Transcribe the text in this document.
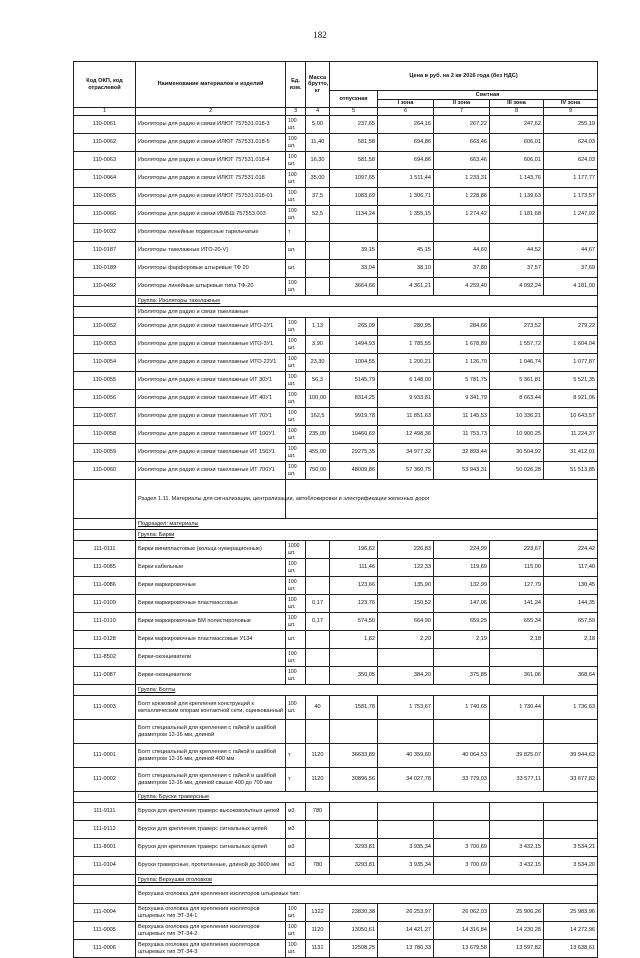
182
Код ОКП, код отраслевой	Наименование материалов и изделий	Ед. изм.	Масса брутто, кг	Цена в руб. на 2 кв 2016 года (без НДС)				
				отпускная	Сметная			
					I зона	II зона	III зона	IV зона
1	2	3	4	5	6	7	8	9
110-0061	Изоляторы для радио и связи ИЛЮТ 757531.018-3	100 шт.	5,00	237,65	264,16	267,22	247,62	255,19
110-0062	Изоляторы для радио и связи ИЛЮТ 757531.018-5	100 шт.	11,40	581,58	694,86	663,46	606,01	624,03
110-0063	Изоляторы для радио и связи ИЛЮТ 757531.018-4	100 шт.	16,30	581,58	694,86	663,46	606,01	624,03
110-0064	Изоляторы для радио и связи ИЛЮТ 757531.018	100 шт.	35,00	1097,65	1 511,44	1 233,31	1 143,76	1 177,77
110-0065	Изоляторы для радио и связи ИЛЮТ 757531.018-01	100 шт.	37,5	1083,69	1 306,71	1 228,86	1 139,63	1 173,57
110-0066	Изоляторы для радио и связи ИМБШ 757553.003	100 шт.	52,5	1134,24	1 355,15	1 274,42	1 181,68	1 247,02
110-9032	Изоляторы линейные подвесные тарельчатые	т						
110-0187	Изоляторы такелажные ИТО-20-V]	шт.		39,15	45,15	44,60	44,52	44,67
110-0189	Изоляторы фарфоровые штыревые ТФ 20	шт.		33,04	38,10	37,80	37,57	37,69
110-0492	Изоляторы линейные штыревые типа ТФ-20	100 шт.		3664,66	4 361,21	4 259,40	4 092,24	4 181,00
	Группа: Изоляторы такелажные							
	Изоляторы для радио и связи такелажные							
110-0052	Изоляторы для радио и связи такелажные ИТО-2У1	100 шт.	1,13	265,09	280,95	284,66	273,52	279,22
110-0053	Изоляторы для радио и связи такелажные ИТО-3У1	100 шт.	3,90	1494,93	1 785,55	1 678,89	1 557,72	1 604,04
110-0054	Изоляторы для радио и связи такелажные ИТО-22У1	100 шт.	23,30	1004,55	1 200,21	1 126,70	1 046,74	1 077,87
110-0055	Изоляторы для радио и связи такелажные ИТ 30У1	100 шт.	56,3	5145,79	6 148,00	5 781,75	5 361,81	5 521,35
110-0056	Изоляторы для радио и связи такелажные ИТ 40У1	100 шт.	100,00	8314,25	9 933,81	9 341,79	8 663,44	8 921,06
110-0057	Изоляторы для радио и связи такелажные ИТ 70У1	100 шт.	162,5	9919,78	11 851,63	11 145,53	10 336,21	10 643,57
110-0058	Изоляторы для радио и связи такелажные ИТ 100У1	100 шт.	235,00	10460,69	12 498,36	11 753,73	10 900,25	11 224,37
110-0059	Изоляторы для радио и связи такелажные ИТ 150У1	100 шт.	455,00	29275,35	34 977,32	32 893,44	30 504,92	31 412,01
110-0060	Изоляторы для радио и связи такелажные ИТ 700У1	100 шт.	750,00	48009,86	57 360,75	53 943,31	50 026,28	51 513,85
	Раздел 1.11. Материалы для сигнализации, централизации, автоблокировки и электрификации железных дорог							
	Подраздел: материалы							
	Группа: Бирки							
111-0111	Бирки винипластовые (кольца нумерационные)	1000 шт.		196,62	226,83	224,99	223,67	224,42
111-0085	Бирки кабельные	100 шт.		111,46	122,33	119,69	115,00	117,40
111-0086	Бирки маркировочные	100 шт.		123,66	135,90	132,99	127,79	130,45
111-0109	Бирки маркировочные пластмассовые	100 шт.	0,17	123,76	150,52	147,06	141,24	144,35
111-0110	Бирки маркировочные БМ полистироловые	100 шт.	0,17	574,50	664,90	659,25	655,34	657,59
111-0128	Бирки маркировочные пластмассовые У134	шт.		1,82	2,20	2,19	2,18	2,18
111-8502	Бирки-оконцеватели	100 шт.						
111-0087	Бирки-оконцеватели	100 шт.		350,05	384,20	375,85	361,06	368,64
	Группа: Болты							
111-0003	Болт крюковой для крепления конструкций к металлическим опорам контактной сети, оцинкованный	100 шт.	40	1581,78	1 753,67	1 740,65	1 730,44	1 736,63
	Болт специальный для крепления с гайкой и шайбой диаметром 12-16 мм, длиной							
111-0001	Болт специальный для крепления с гайкой и шайбой диаметром 12-16 мм, длиной 400 мм	т	1120	36633,89	40 359,60	40 064,53	39 825,07	39 944,62
111-0002	Болт специальный для крепления с гайкой и шайбой диаметром 12-16 мм, длиной свыше 400 до 700 мм	т	1120	30896,56	34 027,78	33 779,03	33 577,11	33 677,82
	Группа: Бруски траверсные							
111-9111	Бруски для крепления траверс высоковольтных цепей	м3	780					
111-9112	Бруски для крепления траверс сигнальных цепей	м3						
111-8001	Бруски для крепления траверс сигнальных цепей	м3		3293,81	3 935,34	3 700,69	3 432,15	3 534,21
111-0104	Бруски траверсные, пропитанные, длиной до 3600 мм	м3	780	3293,81	3 935,34	3 700,69	3 432,15	3 534,20
	Группа: Верхушки оголовков							
	Верхушка оголовка для крепления изоляторов штыревых тип:							
111-0004	Верхушка оголовка для крепления изоляторов штыревых тип ЭТ-34-1	100 шт.	1322	23830,38	26 253,97	26 062,03	25 906,26	25 983,96
111-0005	Верхушка оголовка для крепления изоляторов штыревых тип ЭТ-34-2	100 шт.	1120	13050,61	14 421,27	14 316,84	14 230,28	14 272,96
111-0006	Верхушка оголовка для крепления изоляторов штыревых тип ЭТ-34-3	100 шт.	1131	12508,25	13 780,33	13 679,58	13 597,82	13 638,61
